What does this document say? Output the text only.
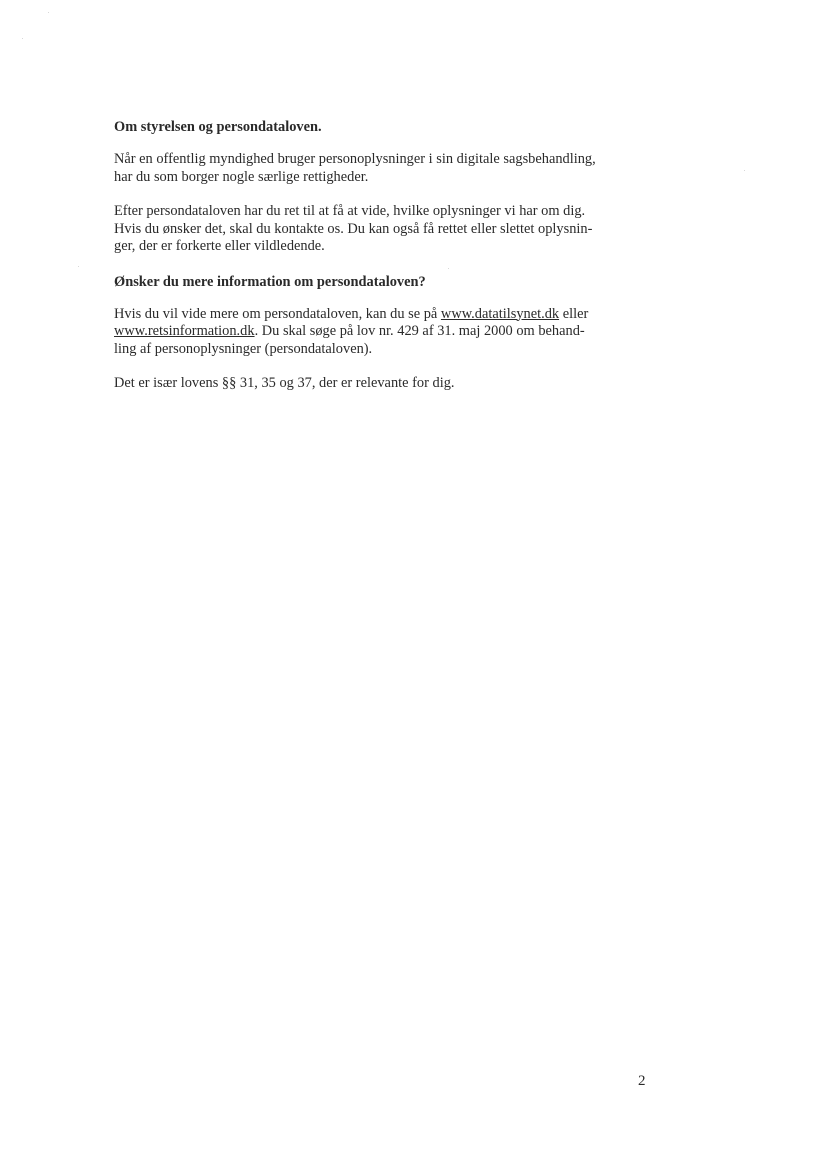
Om styrelsen og persondataloven.

Når en offentlig myndighed bruger personoplysninger i sin digitale sagsbehandling,
har du som borger nogle særlige rettigheder.

Efter persondataloven har du ret til at få at vide, hvilke oplysninger vi har om dig.
Hvis du ønsker det, skal du kontakte os. Du kan også få rettet eller slettet oplysnin-
ger, der er forkerte eller vildledende.

Ønsker du mere information om persondataloven?

Hvis du vil vide mere om persondataloven, kan du se på www.datatilsynet.dk eller
www.retsinformation.dk. Du skal søge på lov nr. 429 af 31. maj 2000 om behand-
ling af personoplysninger (persondataloven).

Det er især lovens §§ 31, 35 og 37, der er relevante for dig.

2
